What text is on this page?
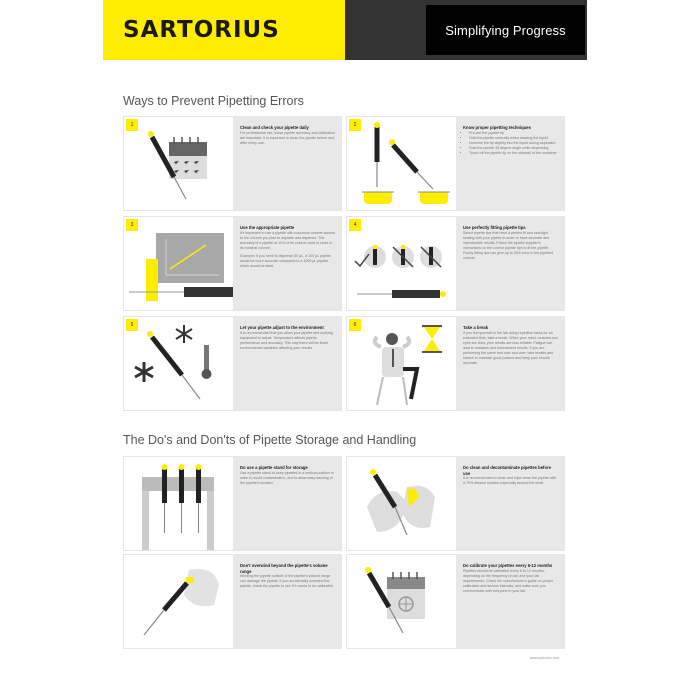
SARTORIUS	Simplifying Progress
Ways to Prevent Pipetting Errors
1	Clean and check your pipette daily
For professional use, these pipette accuracy and calibration are important. It is important to clean the pipette before and after every use.
2	Know proper pipetting techniques
• Pre-wet the pipette tip
• Hold the pipette vertically when drawing the liquid
• Immerse the tip slightly into the liquid during aspiration
• Hold the pipette 45 degree angle while dispensing
• Touch off the pipette tip on the sidewall of the container
3	Use the appropriate pipette
It's important to use a pipette with maximum volume closest to the volume you plan to aspirate and dispense. The accuracy of a pipette at 10% of its volume used is close to its nominal volume.
Example: If you need to dispense 50 µL, a 100 µL pipette would be more accurate compared to a 1000 µL pipette which would be ideal.
4	Use perfectly fitting pipette tips
Select pipette tips that have a perfect fit and seal tight sealing with your pipette in order to have accurate and reproducible results. Follow the pipette supplier's instructions on the correct pipette tips to fit the pipette. Poorly fitting tips can give up to 30% error in the pipetted volume.
5	Let your pipette adjust to the environment
It is recommended that you allow your pipette and working equipment to adjust. Temperature affects pipette performance and accuracy. This way there will be fewer environmental variables affecting your results.
6	Take a break
If you find yourself in the lab doing repetitive tasks for an extended time, take a break. When your mind, muscles and eyes are tired, your results are less reliable. Fatigue can lead to mistakes and inconsistent results. If you are performing the same test over and over, take breaks and stretch to maintain good posture and keep your results accurate.
The Do's and Don'ts of Pipette Storage and Handling
Do use a pipette stand for storage
Use a pipette stand to keep pipettes in a vertical position in order to avoid contamination, and to allow easy tracking of the pipette's location.
Do clean and decontaminate pipettes before use
It is recommended to clean and wipe down the pipette with a 70% ethanol solution especially around the shaft.
Don't overwind beyond the pipette's volume range
Winding the pipette outside of the pipette's volume range can damage the pipette. If you accidentally overwind the pipette, check the pipette to see if it needs to be calibrated.
Do calibrate your pipettes every 6-12 months
Pipettes should be calibrated every 6 to 12 months, depending on the frequency of use and your lab requirements. Check the manufacturer's guide on proper calibration and service intervals, and make sure you communicate with everyone in your lab.
www.sartorius.com
